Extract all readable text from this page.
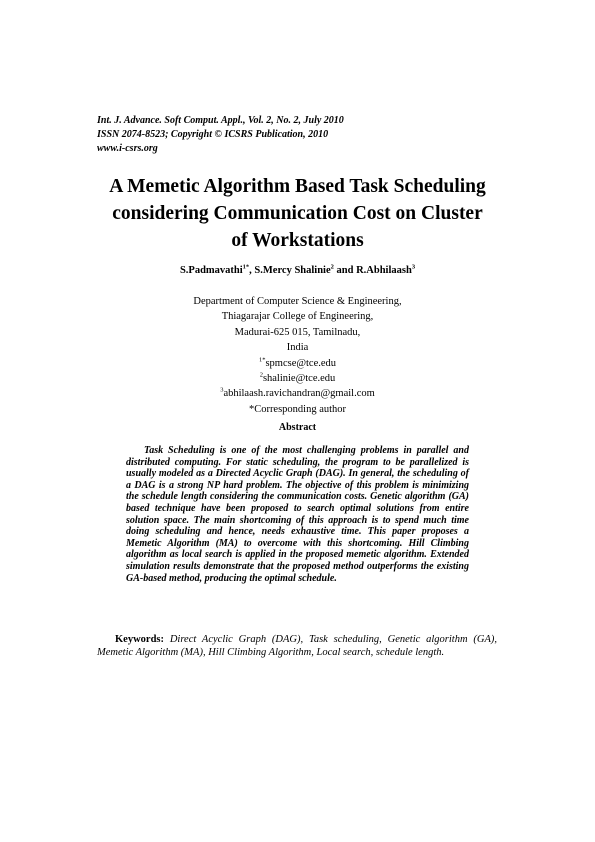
Int. J. Advance. Soft Comput. Appl., Vol. 2, No. 2, July 2010
ISSN 2074-8523; Copyright © ICSRS Publication, 2010
www.i-csrs.org
A Memetic Algorithm Based Task Scheduling
considering Communication Cost on Cluster
of Workstations
S.Padmavathi$^{1*}$, S.Mercy Shalinie$^2$ and R.Abhilaash$^3$
Department of Computer Science & Engineering,
Thiagarajar College of Engineering,
Madurai-625 015, Tamilnadu,
India
$^{1*}$spmcse@tce.edu
$^2$shalinie@tce.edu
$^3$abhilaash.ravichandran@gmail.com
*Corresponding author
Abstract
Task Scheduling is one of the most challenging problems in parallel and distributed computing. For static scheduling, the program to be parallelized is usually modeled as a Directed Acyclic Graph (DAG). In general, the scheduling of a DAG is a strong NP hard problem. The objective of this problem is minimizing the schedule length considering the communication costs. Genetic algorithm (GA) based technique have been proposed to search optimal solutions from entire solution space. The main shortcoming of this approach is to spend much time doing scheduling and hence, needs exhaustive time. This paper proposes a Memetic Algorithm (MA) to overcome with this shortcoming. Hill Climbing algorithm as local search is applied in the proposed memetic algorithm. Extended simulation results demonstrate that the proposed method outperforms the existing GA-based method, producing the optimal schedule.
Keywords: Direct Acyclic Graph (DAG), Task scheduling, Genetic algorithm (GA), Memetic Algorithm (MA), Hill Climbing Algorithm, Local search, schedule length.
